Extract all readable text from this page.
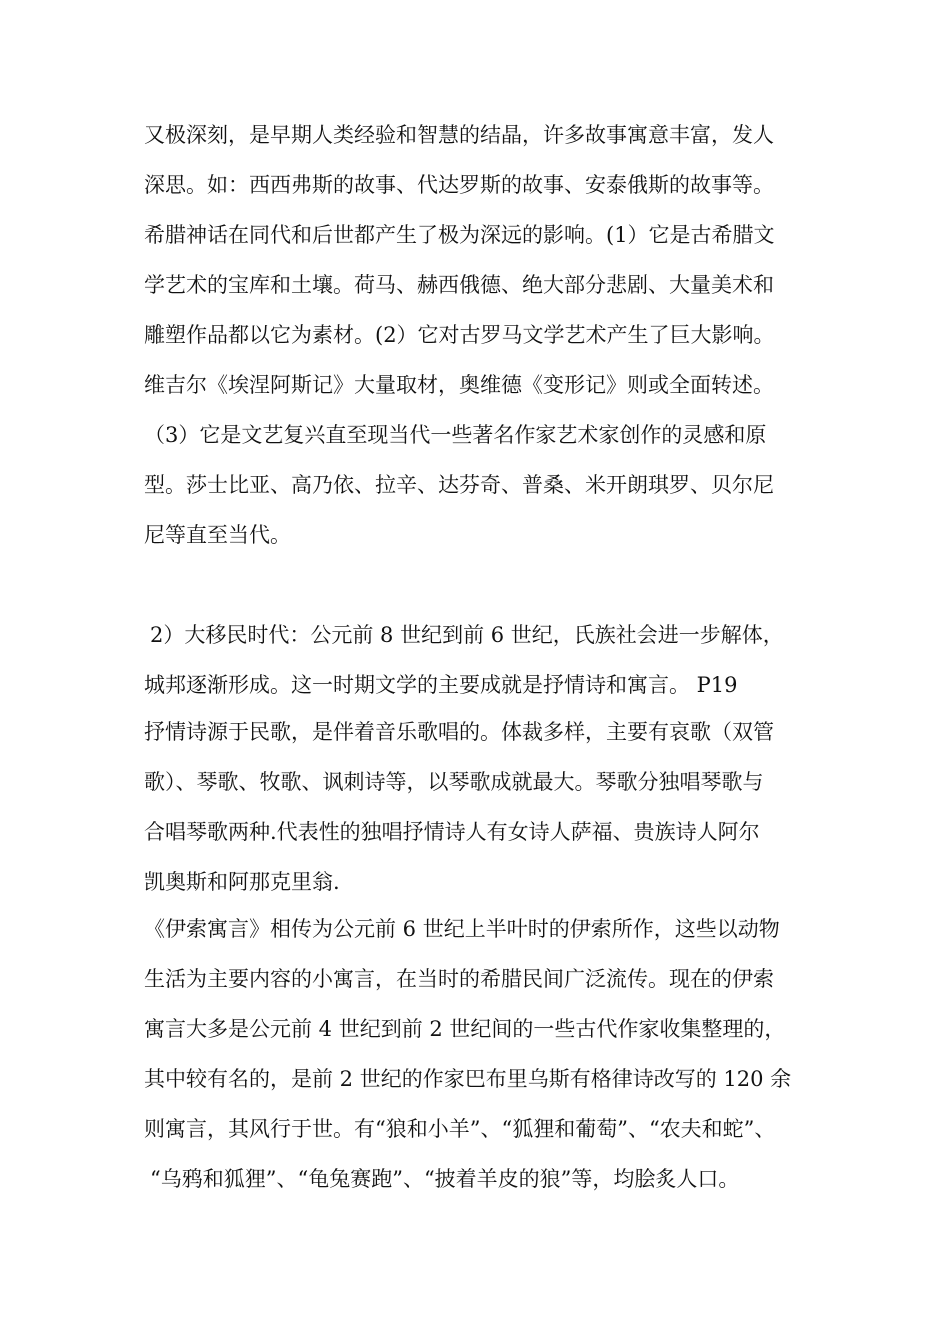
又极深刻，是早期人类经验和智慧的结晶，许多故事寓意丰富，发人
深思。如：西西弗斯的故事、代达罗斯的故事、安泰俄斯的故事等。
希腊神话在同代和后世都产生了极为深远的影响。(1）它是古希腊文
学艺术的宝库和土壤。荷马、赫西俄德、绝大部分悲剧、大量美术和
雕塑作品都以它为素材。(2）它对古罗马文学艺术产生了巨大影响。
维吉尔《埃涅阿斯记》大量取材，奥维德《变形记》则或全面转述。
（3）它是文艺复兴直至现当代一些著名作家艺术家创作的灵感和原
型。莎士比亚、高乃依、拉辛、达芬奇、普桑、米开朗琪罗、贝尔尼
尼等直至当代。
2）大移民时代：公元前 8 世纪到前 6 世纪，氏族社会进一步解体，
城邦逐渐形成。这一时期文学的主要成就是抒情诗和寓言。 P19
抒情诗源于民歌，是伴着音乐歌唱的。体裁多样，主要有哀歌（双管
歌）、琴歌、牧歌、讽刺诗等，以琴歌成就最大。琴歌分独唱琴歌与
合唱琴歌两种.代表性的独唱抒情诗人有女诗人萨福、贵族诗人阿尔
凯奥斯和阿那克里翁.
《伊索寓言》相传为公元前 6 世纪上半叶时的伊索所作，这些以动物
生活为主要内容的小寓言，在当时的希腊民间广泛流传。现在的伊索
寓言大多是公元前 4 世纪到前 2 世纪间的一些古代作家收集整理的，
其中较有名的，是前 2 世纪的作家巴布里乌斯有格律诗改写的 120 余
则寓言，其风行于世。有“狼和小羊”、“狐狸和葡萄”、“农夫和蛇”、
“乌鸦和狐狸”、“龟兔赛跑”、“披着羊皮的狼”等，均脍炙人口。
